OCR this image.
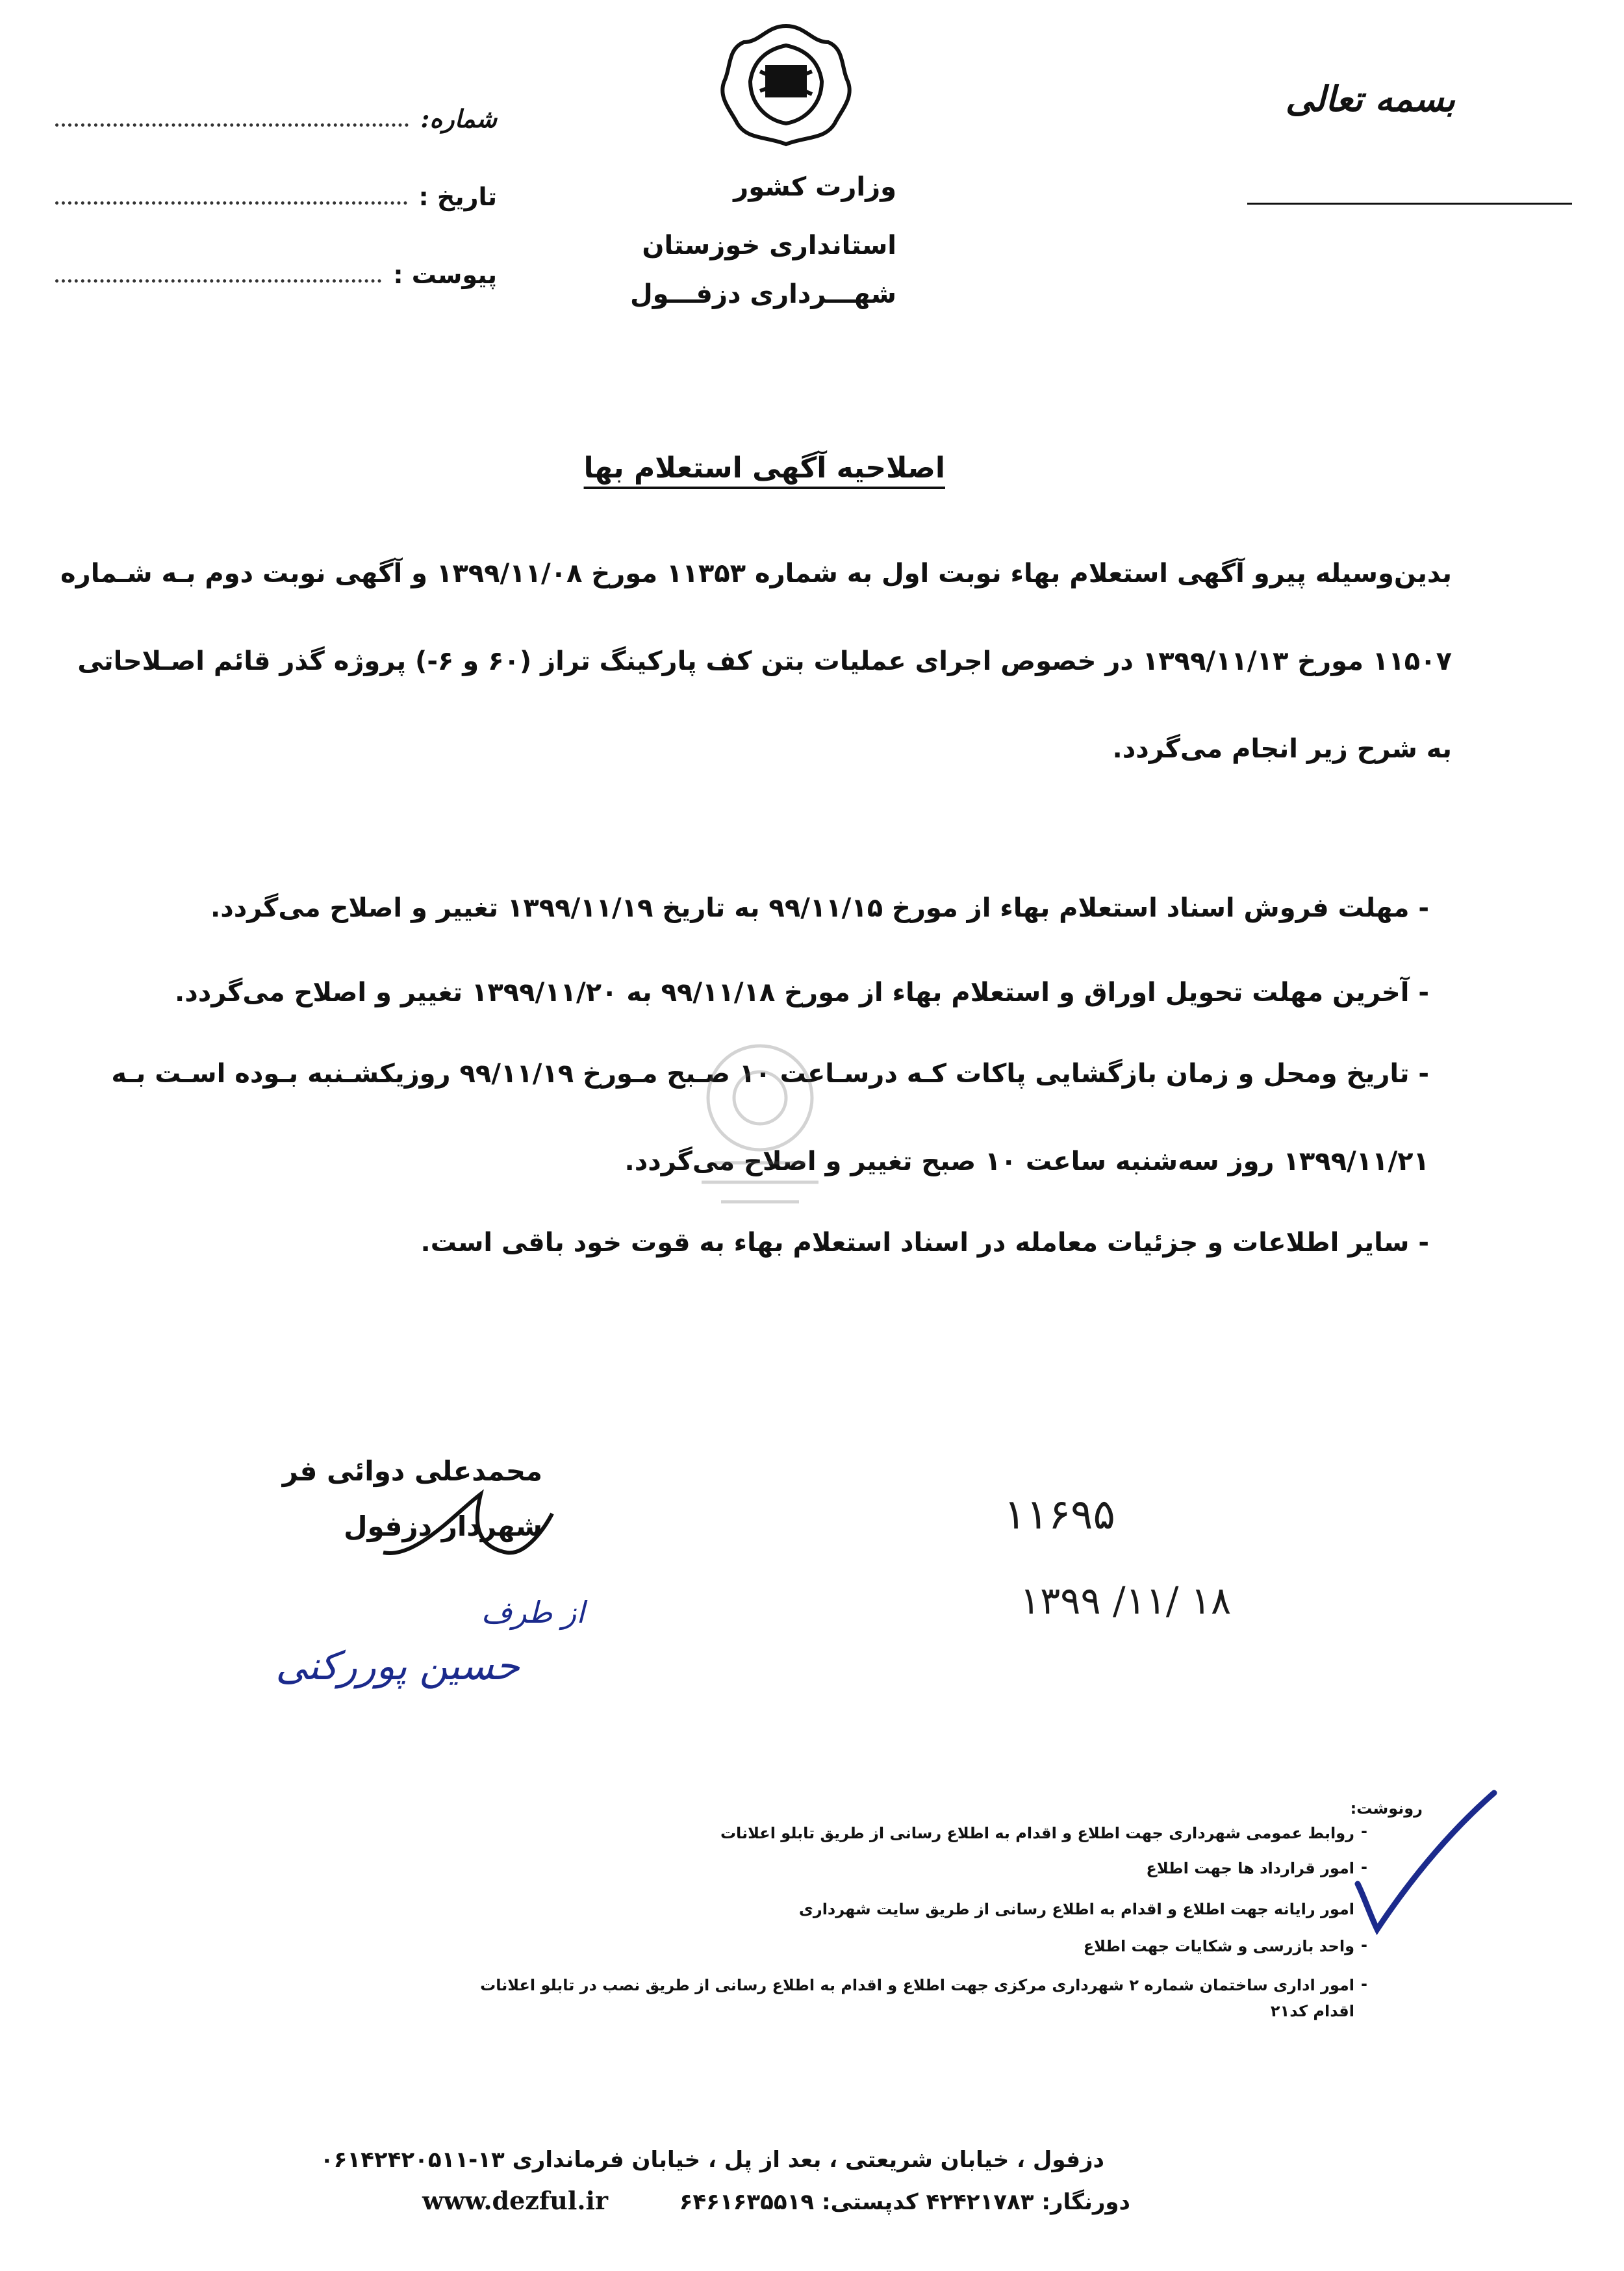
بسمه تعالی
وزارت کشور
استانداری خوزستان
شهـــرداری دزفـــول
شماره:
تاریخ :
پیوست :
اصلاحیه آگهی استعلام بها
بدین‌وسیله پیرو آگهی استعلام بهاء نوبت اول به شماره ۱۱۳۵۳ مورخ ۱۳۹۹/۱۱/۰۸ و آگهی نوبت دوم بـه شـماره
۱۱۵۰۷ مورخ ۱۳۹۹/۱۱/۱۳ در خصوص اجرای عملیات بتن کف پارکینگ تراز (۶۰ و ۶-) پروژه گذر قائم اصـلاحاتی
به شرح زیر انجام می‌گردد.
- مهلت فروش اسناد استعلام بهاء از مورخ ۹۹/۱۱/۱۵ به تاریخ ۱۳۹۹/۱۱/۱۹ تغییر و اصلاح می‌گردد.
- آخرین مهلت تحویل اوراق و استعلام بهاء از مورخ ۹۹/۱۱/۱۸ به ۱۳۹۹/۱۱/۲۰ تغییر و اصلاح می‌گردد.
- تاریخ ومحل و زمان بازگشایی پاکات کـه درسـاعت ۱۰ صـبح مـورخ ۹۹/۱۱/۱۹ روزیکشـنبه بـوده اسـت بـه
۱۳۹۹/۱۱/۲۱ روز سه‌شنبه ساعت ۱۰ صبح تغییر و اصلاح می‌گردد.
- سایر اطلاعات و جزئیات معامله در اسناد استعلام بهاء به قوت خود باقی است.
محمدعلی دوائی فر
شهردار دزفول
از طرف
حسین پوررکنی
۱۱۶۹۵
۱۳۹۹ /۱۱/ ۱۸
رونوشت:
-
روابط عمومی شهرداری جهت اطلاع و اقدام به اطلاع رسانی از طریق تابلو اعلانات
-
امور قرارداد ها جهت اطلاع
امور رایانه جهت اطلاع و اقدام به اطلاع رسانی از طریق سایت شهرداری
-
واحد بازرسی و شکایات جهت اطلاع
-
امور اداری ساختمان شماره ۲ شهرداری مرکزی جهت اطلاع و اقدام به اطلاع رسانی از طریق نصب در تابلو اعلانات
اقدام کد۲۱
دزفول ، خیابان شریعتی ، بعد از پل ، خیابان فرمانداری ۱۳-۰۶۱۴۲۴۲۰۵۱۱
دورنگار: ۴۲۴۲۱۷۸۳ کدپستی: ۶۴۶۱۶۳۵۵۱۹
www.dezful.ir
